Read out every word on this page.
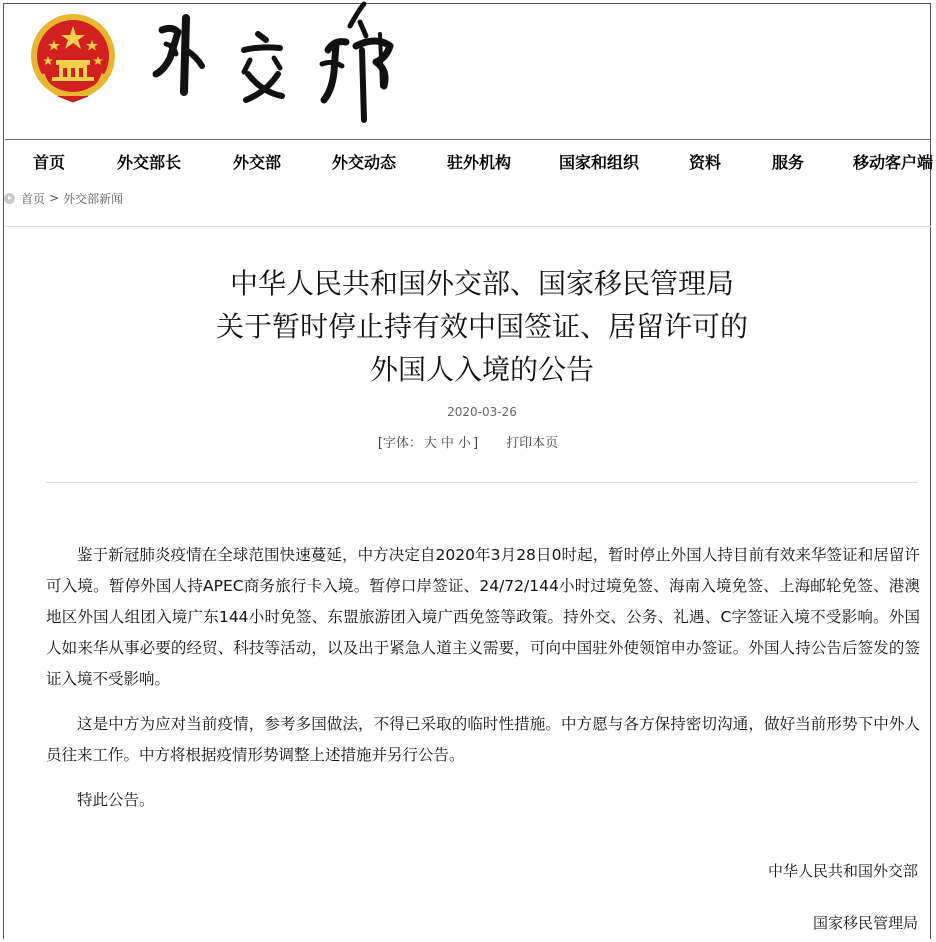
首页	外交部长	外交部	外交动态	驻外机构	国家和组织	资料	服务	移动客户端
首页 > 外交部新闻
中华人民共和国外交部、国家移民管理局
关于暂时停止持有效中国签证、居留许可的
外国人入境的公告
2020-03-26
[字体： 大 中 小 ] 打印本页

鉴于新冠肺炎疫情在全球范围快速蔓延，中方决定自2020年3月28日0时起，暂时停止外国人持目前有效来华签证和居留许可入境。暂停外国人持APEC商务旅行卡入境。暂停口岸签证、24/72/144小时过境免签、海南入境免签、上海邮轮免签、港澳地区外国人组团入境广东144小时免签、东盟旅游团入境广西免签等政策。持外交、公务、礼遇、C字签证入境不受影响。外国人如来华从事必要的经贸、科技等活动，以及出于紧急人道主义需要，可向中国驻外使领馆申办签证。外国人持公告后签发的签证入境不受影响。

这是中方为应对当前疫情，参考多国做法，不得已采取的临时性措施。中方愿与各方保持密切沟通，做好当前形势下中外人员往来工作。中方将根据疫情形势调整上述措施并另行公告。

特此公告。

中华人民共和国外交部
国家移民管理局
